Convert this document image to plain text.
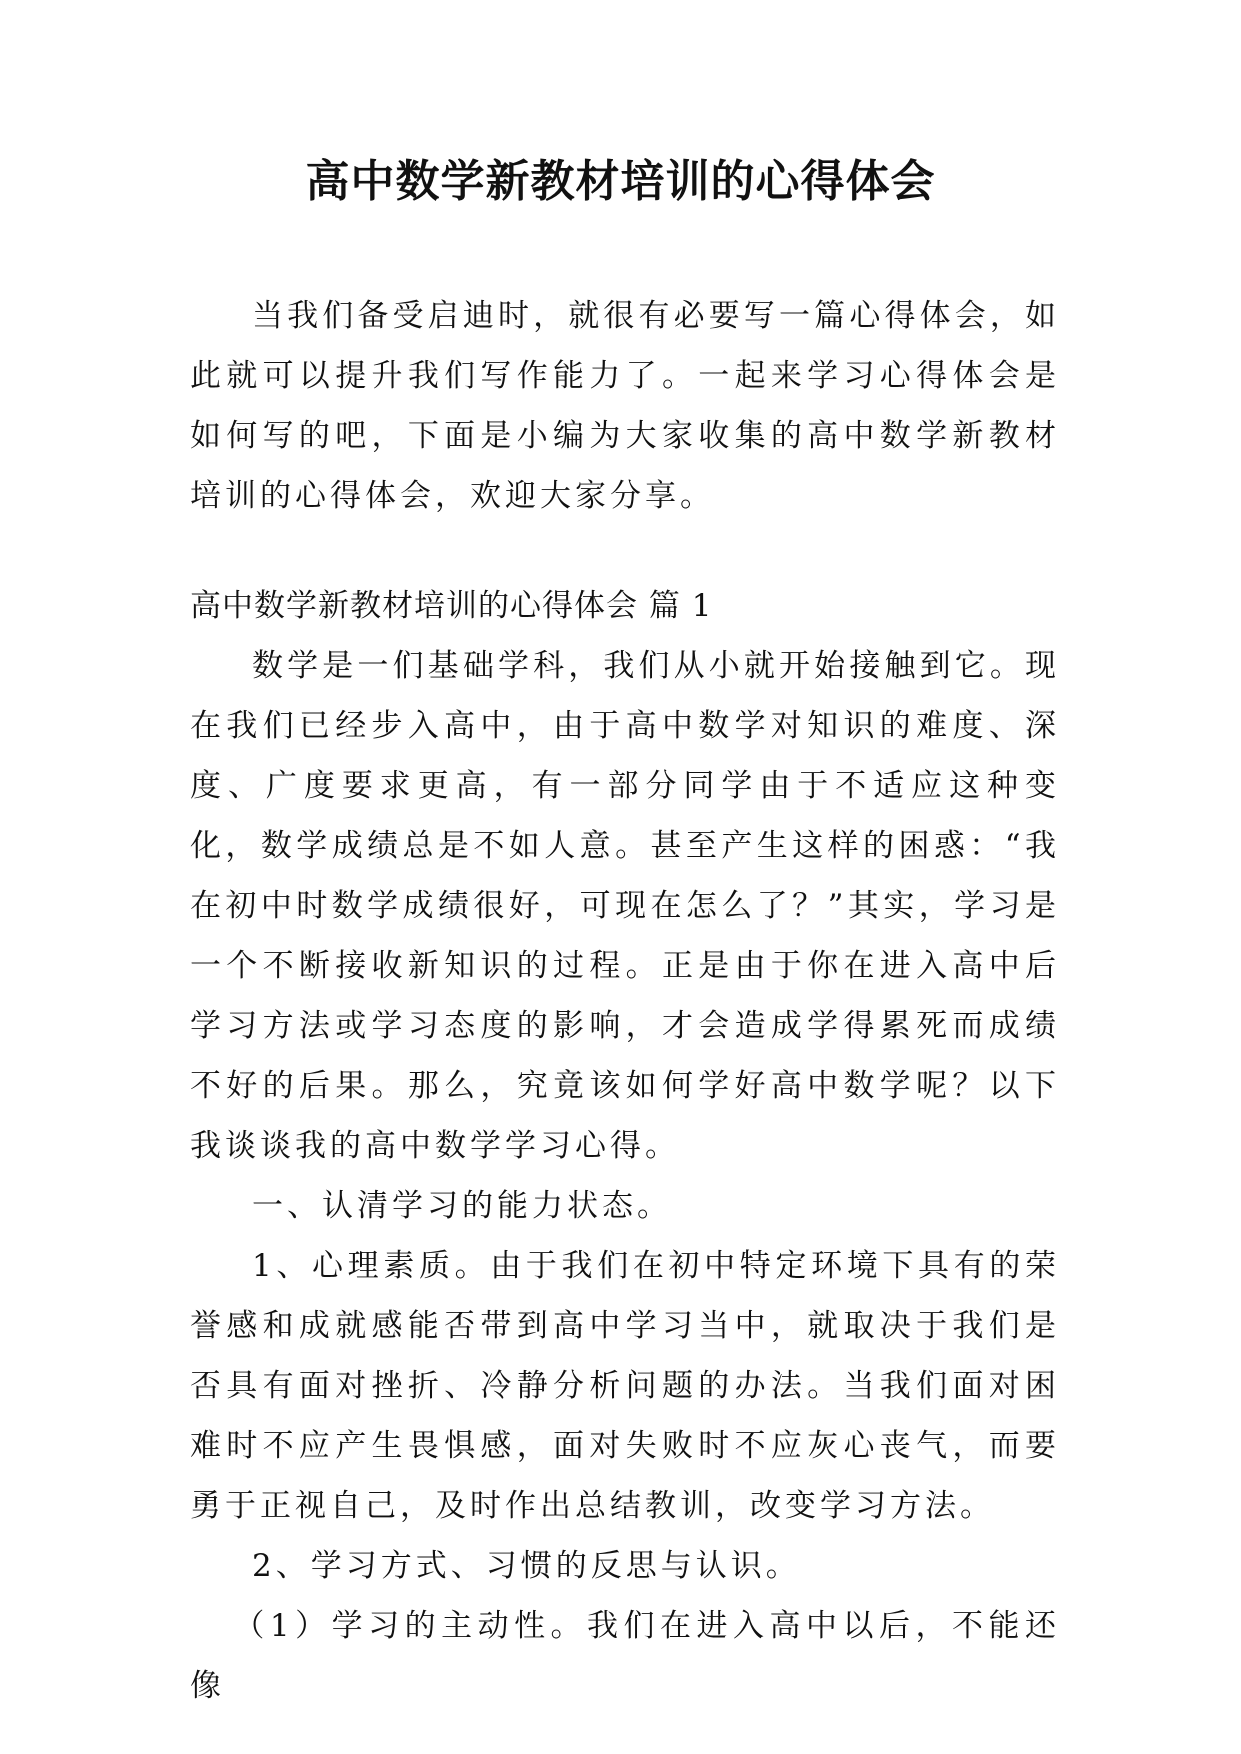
高中数学新教材培训的心得体会

当我们备受启迪时，就很有必要写一篇心得体会，如此就可以提升我们写作能力了。一起来学习心得体会是如何写的吧，下面是小编为大家收集的高中数学新教材培训的心得体会，欢迎大家分享。

高中数学新教材培训的心得体会 篇 1

数学是一们基础学科，我们从小就开始接触到它。现在我们已经步入高中，由于高中数学对知识的难度、深度、广度要求更高，有一部分同学由于不适应这种变化，数学成绩总是不如人意。甚至产生这样的困惑：“我在初中时数学成绩很好，可现在怎么了？”其实，学习是一个不断接收新知识的过程。正是由于你在进入高中后学习方法或学习态度的影响，才会造成学得累死而成绩不好的后果。那么，究竟该如何学好高中数学呢？以下我谈谈我的高中数学学习心得。

一、认清学习的能力状态。

1、心理素质。由于我们在初中特定环境下具有的荣誉感和成就感能否带到高中学习当中，就取决于我们是否具有面对挫折、冷静分析问题的办法。当我们面对困难时不应产生畏惧感，面对失败时不应灰心丧气，而要勇于正视自己，及时作出总结教训，改变学习方法。

2、学习方式、习惯的反思与认识。

（1）学习的主动性。我们在进入高中以后，不能还像
